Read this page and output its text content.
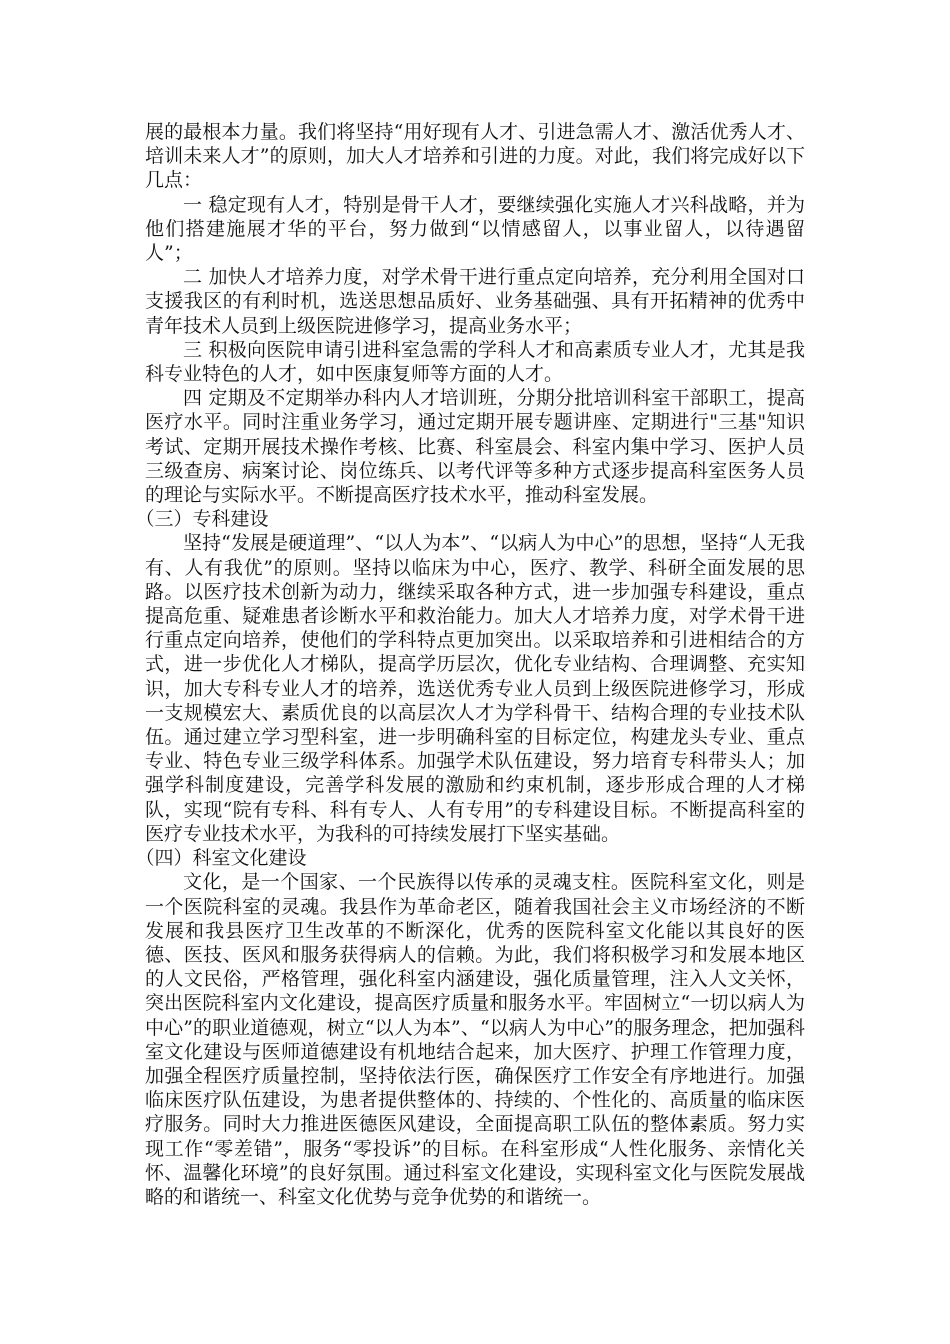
展的最根本力量。我们将坚持“用好现有人才、引进急需人才、激活优秀人才、培训未来人才”的原则，加大人才培养和引进的力度。对此，我们将完成好以下几点：

一 稳定现有人才，特别是骨干人才，要继续强化实施人才兴科战略，并为他们搭建施展才华的平台，努力做到“以情感留人，以事业留人，以待遇留人”；

二 加快人才培养力度，对学术骨干进行重点定向培养，充分利用全国对口支援我区的有利时机，选送思想品质好、业务基础强、具有开拓精神的优秀中青年技术人员到上级医院进修学习，提高业务水平；

三 积极向医院申请引进科室急需的学科人才和高素质专业人才，尤其是我科专业特色的人才，如中医康复师等方面的人才。

四 定期及不定期举办科内人才培训班，分期分批培训科室干部职工，提高医疗水平。同时注重业务学习，通过定期开展专题讲座、定期进行"三基"知识考试、定期开展技术操作考核、比赛、科室晨会、科室内集中学习、医护人员三级查房、病案讨论、岗位练兵、以考代评等多种方式逐步提高科室医务人员的理论与实际水平。不断提高医疗技术水平，推动科室发展。

（三）专科建设

坚持“发展是硬道理”、“以人为本”、“以病人为中心”的思想，坚持“人无我有、人有我优”的原则。坚持以临床为中心，医疗、教学、科研全面发展的思路。以医疗技术创新为动力，继续采取各种方式，进一步加强专科建设，重点提高危重、疑难患者诊断水平和救治能力。加大人才培养力度，对学术骨干进行重点定向培养，使他们的学科特点更加突出。以采取培养和引进相结合的方式，进一步优化人才梯队，提高学历层次，优化专业结构、合理调整、充实知识，加大专科专业人才的培养，选送优秀专业人员到上级医院进修学习，形成一支规模宏大、素质优良的以高层次人才为学科骨干、结构合理的专业技术队伍。通过建立学习型科室，进一步明确科室的目标定位，构建龙头专业、重点专业、特色专业三级学科体系。加强学术队伍建设，努力培育专科带头人；加强学科制度建设，完善学科发展的激励和约束机制，逐步形成合理的人才梯队，实现“院有专科、科有专人、人有专用”的专科建设目标。不断提高科室的医疗专业技术水平，为我科的可持续发展打下坚实基础。

（四）科室文化建设

文化，是一个国家、一个民族得以传承的灵魂支柱。医院科室文化，则是一个医院科室的灵魂。我县作为革命老区，随着我国社会主义市场经济的不断发展和我县医疗卫生改革的不断深化，优秀的医院科室文化能以其良好的医德、医技、医风和服务获得病人的信赖。为此，我们将积极学习和发展本地区的人文民俗，严格管理，强化科室内涵建设，强化质量管理，注入人文关怀，突出医院科室内文化建设，提高医疗质量和服务水平。牢固树立“一切以病人为中心”的职业道德观，树立“以人为本”、“以病人为中心”的服务理念，把加强科室文化建设与医师道德建设有机地结合起来，加大医疗、护理工作管理力度，加强全程医疗质量控制，坚持依法行医，确保医疗工作安全有序地进行。加强临床医疗队伍建设，为患者提供整体的、持续的、个性化的、高质量的临床医疗服务。同时大力推进医德医风建设，全面提高职工队伍的整体素质。努力实现工作“零差错”，服务“零投诉”的目标。在科室形成“人性化服务、亲情化关怀、温馨化环境”的良好氛围。通过科室文化建设，实现科室文化与医院发展战略的和谐统一、科室文化优势与竞争优势的和谐统一。
